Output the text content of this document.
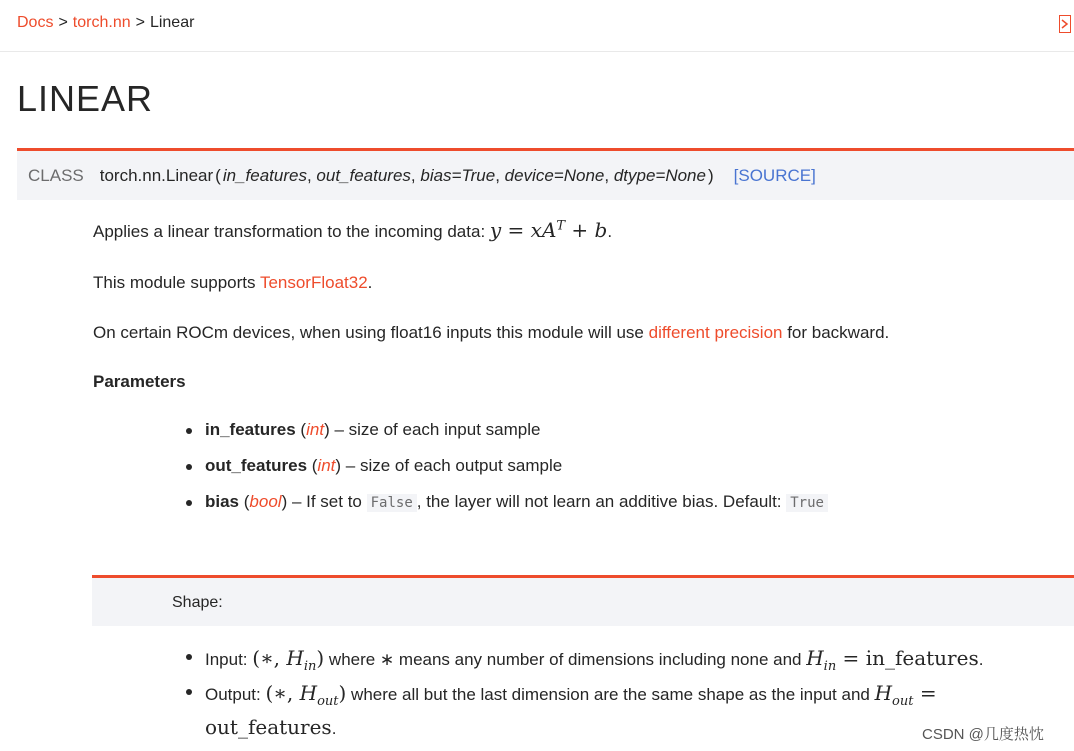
Docs > torch.nn > Linear
LINEAR
CLASS torch.nn.Linear ( in_features , out_features , bias=True , device=None , dtype=None ) [SOURCE]
Applies a linear transformation to the incoming data: $y = xA^T + b$.
This module supports TensorFloat32.
On certain ROCm devices, when using float16 inputs this module will use different precision for backward.
Parameters
in_features (int) – size of each input sample
out_features (int) – size of each output sample
bias (bool) – If set to False , the layer will not learn an additive bias. Default: True
Shape:
Input: (∗, $H_{in}$) where ∗ means any number of dimensions including none and $H_{in}$ = in_features.
Output: (∗, $H_{out}$) where all but the last dimension are the same shape as the input and $H_{out}$ =
out_features.	CSDN @几度热忱
